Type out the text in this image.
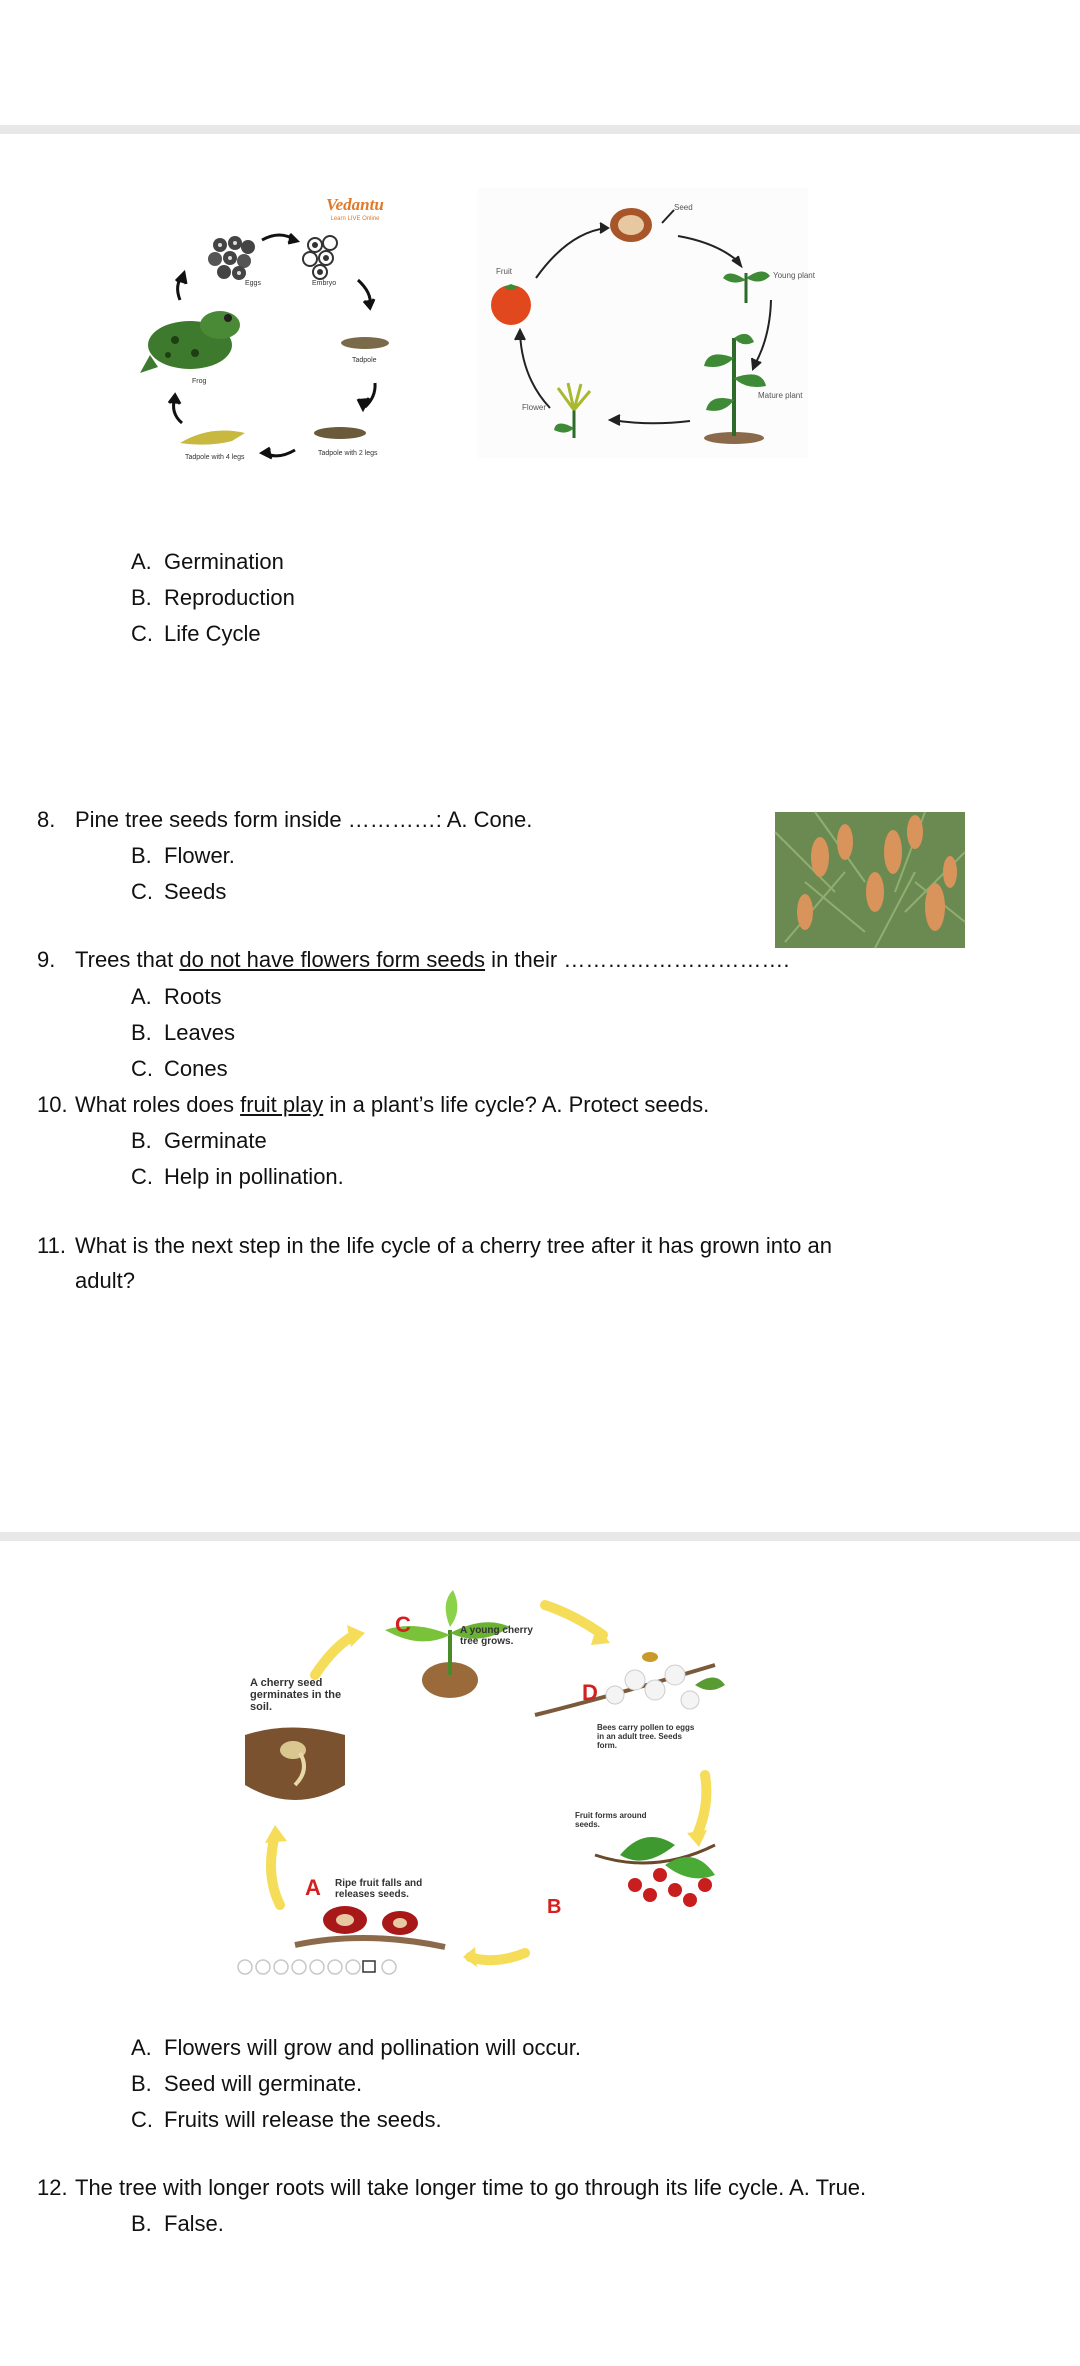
Vedantu
Learn LIVE Online
Eggs	Embryo
Tadpole
Tadpole with 2 legs
Tadpole with 4 legs
Frog
Seed
Young plant
Mature plant
Flower
Fruit
A. Germination
B. Reproduction
C. Life Cycle
8. Pine tree seeds form inside …………: A. Cone.
B. Flower.
C. Seeds
9. Trees that do not have flowers form seeds in their ………………………….
A. Roots
B. Leaves
C. Cones
10. What roles does fruit play in a plant’s life cycle? A. Protect seeds.
B. Germinate
C. Help in pollination.
11. What is the next step in the life cycle of a cherry tree after it has grown into an
adult?
C	A young cherry tree grows.
A cherry seed germinates in the soil.
D
Bees carry pollen to eggs in an adult tree. Seeds form.
Fruit forms around seeds.
B
A Ripe fruit falls and releases seeds.
A. Flowers will grow and pollination will occur.
B. Seed will germinate.
C. Fruits will release the seeds.
12. The tree with longer roots will take longer time to go through its life cycle. A. True.
B. False.
